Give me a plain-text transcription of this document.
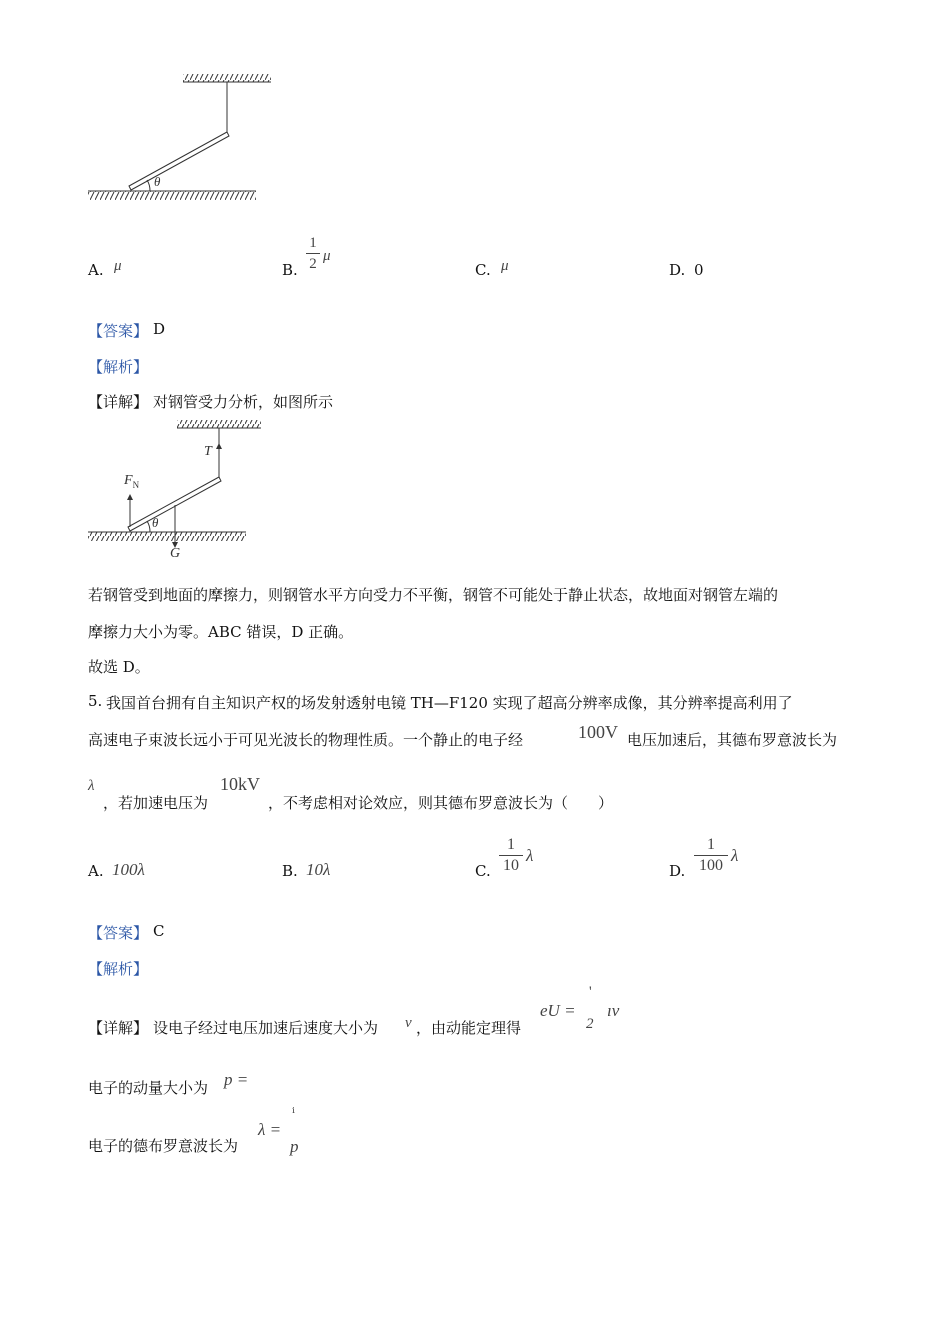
θ
A. μ	B.
1
2 μ
C. μ	D. 0
【答案】 D
【解析】
【详解】 对钢管受力分析，如图所示
T
$F_N$
G
θ
若钢管受到地面的摩擦力，则钢管水平方向受力不平衡，钢管不可能处于静止状态，故地面对钢管左端的
摩擦力大小为零。ABC 错误，D 正确。
故选 D。
5. 我国首台拥有自主知识产权的场发射透射电镜 TH—F120 实现了超高分辨率成像，其分辨率提高利用了
高速电子束波长远小于可见光波长的物理性质。一个静止的电子经	100V 电压加速后，其德布罗意波长为
λ
，若加速电压为
10kV
，不考虑相对论效应，则其德布罗意波长为（　　）
A. 100λ	B. 10λ	C.
1
10
λ
D.
1
100
λ
【答案】 C
【解析】
【详解】 设电子经过电压加速后速度大小为 v ，由动能定理得
eU =
'
2
ıv
电子的动量大小为 p =
电子的德布罗意波长为
λ =
ⁱ
p
